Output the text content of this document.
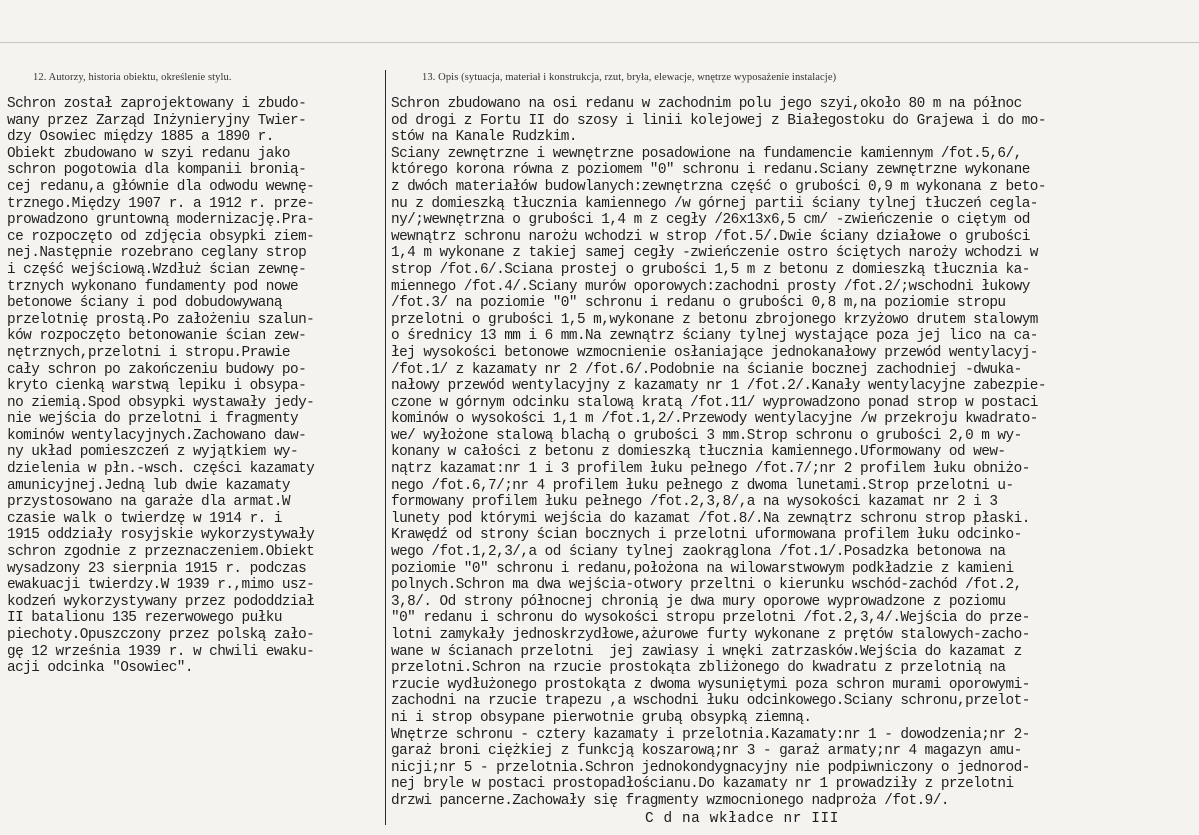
12. Autorzy, historia obiektu, określenie stylu.	13. Opis (sytuacja, materiał i konstrukcja, rzut, bryła, elewacje, wnętrze wyposażenie instalacje)
Schron został zaprojektowany i zbudo-
wany przez Zarząd Inżynieryjny Twier-
dzy Osowiec między 1885 a 1890 r.
Obiekt zbudowano w szyi redanu jako
schron pogotowia dla kompanii bronią-
cej redanu,a głównie dla odwodu wewnę-
trznego.Między 1907 r. a 1912 r. prze-
prowadzono gruntowną modernizację.Pra-
ce rozpoczęto od zdjęcia obsypki ziem-
nej.Następnie rozebrano ceglany strop
i część wejściową.Wzdłuż ścian zewnę-
trznych wykonano fundamenty pod nowe
betonowe ściany i pod dobudowywaną
przelotnię prostą.Po założeniu szalun-
ków rozpoczęto betonowanie ścian zew-
nętrznych,przelotni i stropu.Prawie
cały schron po zakończeniu budowy po-
kryto cienką warstwą lepiku i obsypa-
no ziemią.Spod obsypki wystawały jedy-
nie wejścia do przelotni i fragmenty
kominów wentylacyjnych.Zachowano daw-
ny układ pomieszczeń z wyjątkiem wy-
dzielenia w płn.-wsch. części kazamaty
amunicyjnej.Jedną lub dwie kazamaty
przystosowano na garaże dla armat.W
czasie walk o twierdzę w 1914 r. i
1915 oddziały rosyjskie wykorzystywały
schron zgodnie z przeznaczeniem.Obiekt
wysadzony 23 sierpnia 1915 r. podczas
ewakuacji twierdzy.W 1939 r.,mimo usz-
kodzeń wykorzystywany przez pododdział
II batalionu 135 rezerwowego pułku
piechoty.Opuszczony przez polską zało-
gę 12 września 1939 r. w chwili ewaku-
acji odcinka "Osowiec".
Schron zbudowano na osi redanu w zachodnim polu jego szyi,około 80 m na północ
od drogi z Fortu II do szosy i linii kolejowej z Białegostoku do Grajewa i do mo-
stów na Kanale Rudzkim.
Ściany zewnętrzne i wewnętrzne posadowione na fundamencie kamiennym /fot.5,6/,
którego korona równa z poziomem "0" schronu i redanu.Ściany zewnętrzne wykonane
z dwóch materiałów budowlanych:zewnętrzna część o grubości 0,9 m wykonana z beto-
nu z domieszką tłucznia kamiennego /w górnej partii ściany tylnej tłuczeń cegla-
ny/;wewnętrzna o grubości 1,4 m z cegły /26x13x6,5 cm/ -zwieńczenie o ciętym od
wewnątrz schronu narożu wchodzi w strop /fot.5/.Dwie ściany działowe o grubości
1,4 m wykonane z takiej samej cegły -zwieńczenie ostro ściętych naroży wchodzi w
strop /fot.6/.Ściana prostej o grubości 1,5 m z betonu z domieszką tłucznia ka-
miennego /fot.4/.Ściany murów oporowych:zachodni prosty /fot.2/;wschodni łukowy
/fot.3/ na poziomie "0" schronu i redanu o grubości 0,8 m,na poziomie stropu
przelotni o grubości 1,5 m,wykonane z betonu zbrojonego krzyżowo drutem stalowym
o średnicy 13 mm i 6 mm.Na zewnątrz ściany tylnej wystające poza jej lico na ca-
łej wysokości betonowe wzmocnienie osłaniające jednokanałowy przewód wentylacyj-
/fot.1/ z kazamaty nr 2 /fot.6/.Podobnie na ścianie bocznej zachodniej -dwuka-
nałowy przewód wentylacyjny z kazamaty nr 1 /fot.2/.Kanały wentylacyjne zabezpie-
czone w górnym odcinku stalową kratą /fot.11/ wyprowadzono ponad strop w postaci
kominów o wysokości 1,1 m /fot.1,2/.Przewody wentylacyjne /w przekroju kwadrato-
we/ wyłożone stalową blachą o grubości 3 mm.Strop schronu o grubości 2,0 m wy-
konany w całości z betonu z domieszką tłucznia kamiennego.Uformowany od wew-
nątrz kazamat:nr 1 i 3 profilem łuku pełnego /fot.7/;nr 2 profilem łuku obniżo-
nego /fot.6,7/;nr 4 profilem łuku pełnego z dwoma lunetami.Strop przelotni u-
formowany profilem łuku pełnego /fot.2,3,8/,a na wysokości kazamat nr 2 i 3
lunety pod którymi wejścia do kazamat /fot.8/.Na zewnątrz schronu strop płaski.
Krawędź od strony ścian bocznych i przelotni uformowana profilem łuku odcinko-
wego /fot.1,2,3/,a od ściany tylnej zaokrąglona /fot.1/.Posadzka betonowa na
poziomie "0" schronu i redanu,położona na wilowarstwowym podkładzie z kamieni
polnych.Schron ma dwa wejścia-otwory przeltni o kierunku wschód-zachód /fot.2,
3,8/. Od strony północnej chronią je dwa mury oporowe wyprowadzone z poziomu
"0" redanu i schronu do wysokości stropu przelotni /fot.2,3,4/.Wejścia do prze-
lotni zamykały jednoskrzydłowe,ażurowe furty wykonane z prętów stalowych-zacho-
wane w ścianach przelotni  jej zawiasy i wnęki zatrzasków.Wejścia do kazamat z
przelotni.Schron na rzucie prostokąta zbliżonego do kwadratu z przelotnią na
rzucie wydłużonego prostokąta z dwoma wysuniętymi poza schron murami oporowymi-
zachodni na rzucie trapezu ,a wschodni łuku odcinkowego.Ściany schronu,przelot-
ni i strop obsypane pierwotnie grubą obsypką ziemną.
Wnętrze schronu - cztery kazamaty i przelotnia.Kazamaty:nr 1 - dowodzenia;nr 2-
garaż broni ciężkiej z funkcją koszarową;nr 3 - garaż armaty;nr 4 magazyn amu-
nicji;nr 5 - przelotnia.Schron jednokondygnacyjny nie podpiwniczony o jednorod-
nej bryle w postaci prostopadłościanu.Do kazamaty nr 1 prowadziły z przelotni
drzwi pancerne.Zachowały się fragmenty wzmocnionego nadproża /fot.9/.
C d na wkładce nr III
